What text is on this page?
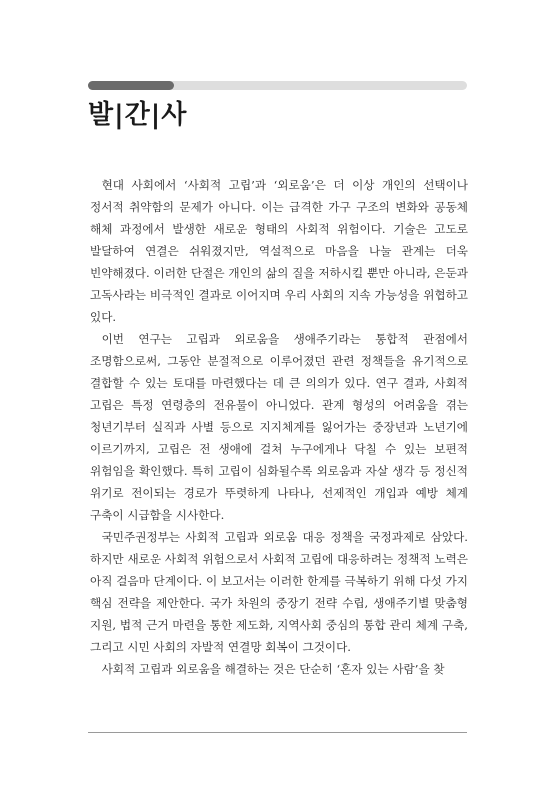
발|간|사

현대 사회에서 ‘사회적 고립’과 ‘외로움’은 더 이상 개인의 선택이나 정서적 취약함의 문제가 아니다. 이는 급격한 가구 구조의 변화와 공동체 해체 과정에서 발생한 새로운 형태의 사회적 위험이다. 기술은 고도로 발달하여 연결은 쉬워졌지만, 역설적으로 마음을 나눌 관계는 더욱 빈약해졌다. 이러한 단절은 개인의 삶의 질을 저하시킬 뿐만 아니라, 은둔과 고독사라는 비극적인 결과로 이어지며 우리 사회의 지속 가능성을 위협하고 있다.

이번 연구는 고립과 외로움을 생애주기라는 통합적 관점에서 조명함으로써, 그동안 분절적으로 이루어졌던 관련 정책들을 유기적으로 결합할 수 있는 토대를 마련했다는 데 큰 의의가 있다. 연구 결과, 사회적 고립은 특정 연령층의 전유물이 아니었다. 관계 형성의 어려움을 겪는 청년기부터 실직과 사별 등으로 지지체계를 잃어가는 중장년과 노년기에 이르기까지, 고립은 전 생애에 걸쳐 누구에게나 닥칠 수 있는 보편적 위험임을 확인했다. 특히 고립이 심화될수록 외로움과 자살 생각 등 정신적 위기로 전이되는 경로가 뚜렷하게 나타나, 선제적인 개입과 예방 체계 구축이 시급함을 시사한다.

국민주권정부는 사회적 고립과 외로움 대응 정책을 국정과제로 삼았다. 하지만 새로운 사회적 위험으로서 사회적 고립에 대응하려는 정책적 노력은 아직 걸음마 단계이다. 이 보고서는 이러한 한계를 극복하기 위해 다섯 가지 핵심 전략을 제안한다. 국가 차원의 중장기 전략 수립, 생애주기별 맞춤형 지원, 법적 근거 마련을 통한 제도화, 지역사회 중심의 통합 관리 체계 구축, 그리고 시민 사회의 자발적 연결망 회복이 그것이다.

사회적 고립과 외로움을 해결하는 것은 단순히 ‘혼자 있는 사람’을 찾
